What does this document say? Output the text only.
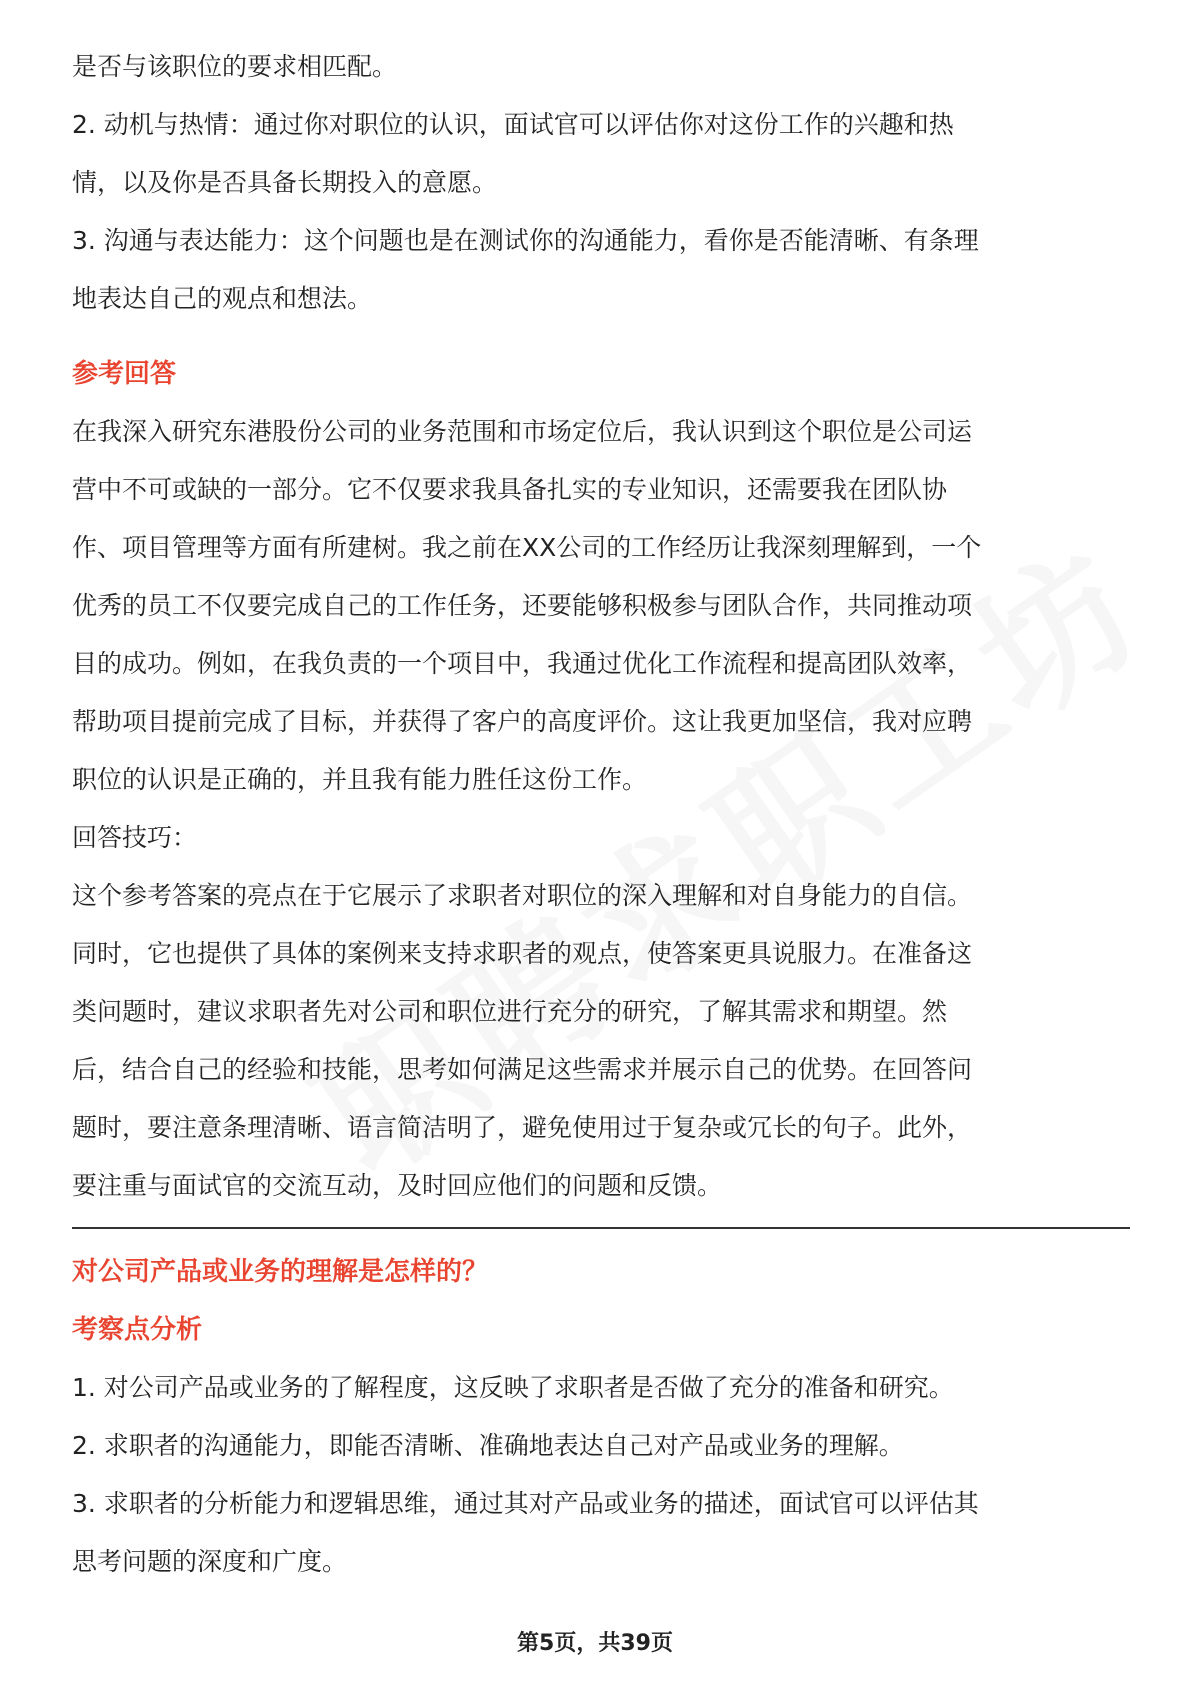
是否与该职位的要求相匹配。
2. 动机与热情：通过你对职位的认识，面试官可以评估你对这份工作的兴趣和热
情，以及你是否具备长期投入的意愿。
3. 沟通与表达能力：这个问题也是在测试你的沟通能力，看你是否能清晰、有条理
地表达自己的观点和想法。
参考回答
在我深入研究东港股份公司的业务范围和市场定位后，我认识到这个职位是公司运
营中不可或缺的一部分。它不仅要求我具备扎实的专业知识，还需要我在团队协
作、项目管理等方面有所建树。我之前在XX公司的工作经历让我深刻理解到，一个
优秀的员工不仅要完成自己的工作任务，还要能够积极参与团队合作，共同推动项
目的成功。例如，在我负责的一个项目中，我通过优化工作流程和提高团队效率，
帮助项目提前完成了目标，并获得了客户的高度评价。这让我更加坚信，我对应聘
职位的认识是正确的，并且我有能力胜任这份工作。
回答技巧：
这个参考答案的亮点在于它展示了求职者对职位的深入理解和对自身能力的自信。
同时，它也提供了具体的案例来支持求职者的观点，使答案更具说服力。在准备这
类问题时，建议求职者先对公司和职位进行充分的研究，了解其需求和期望。然
后，结合自己的经验和技能，思考如何满足这些需求并展示自己的优势。在回答问
题时，要注意条理清晰、语言简洁明了，避免使用过于复杂或冗长的句子。此外，
要注重与面试官的交流互动，及时回应他们的问题和反馈。
对公司产品或业务的理解是怎样的？
考察点分析
1. 对公司产品或业务的了解程度，这反映了求职者是否做了充分的准备和研究。
2. 求职者的沟通能力，即能否清晰、准确地表达自己对产品或业务的理解。
3. 求职者的分析能力和逻辑思维，通过其对产品或业务的描述，面试官可以评估其
思考问题的深度和广度。
第5页，共39页
